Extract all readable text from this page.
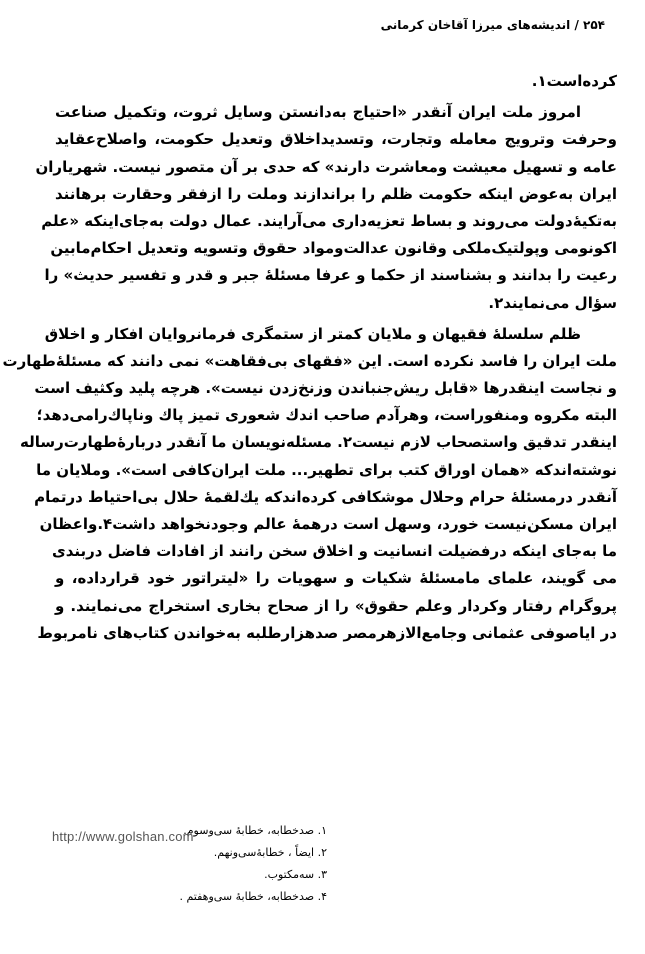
۲۵۴ / اندیشه‌های میرزا آقاخان کرمانی
کرده‌است۱.
امروز ملت ایران آنقدر «احتیاج به‌دانستن وسایل ثروت، وتکمیل صناعت
وحرفت وترویج معامله وتجارت، وتسدیداخلاق وتعدیل حکومت، واصلاح‌عقاید
عامه و تسهیل معیشت ومعاشرت دارند» که حدی بر آن متصور نیست. شهریاران
ایران به‌عوض اینکه حکومت ظلم را براندازند وملت را ازفقر وحقارت برهانند
به‌تکیهٔ‌دولت می‌روند و بساط تعزیه‌داری می‌آرایند. عمال دولت به‌جای‌اینکه «علم
اکونومی وپولتیک‌ملکی وقانون عدالت‌ومواد حقوق وتسویه وتعدیل احکام‌مابین
رعیت را بدانند و بشناسند از حکما و عرفا مسئلهٔ جبر و قدر و تفسیر حدیث» را
سؤال می‌نمایند۲.
ظلم سلسلهٔ فقیهان و ملایان کمتر از ستمگری فرمانروایان افکار و اخلاق
ملت ایران را فاسد نکرده است. این «فقهای بی‌فقاهت» نمی دانند که مسئلهٔ‌طهارت
و نجاست اینقدرها «قابل ریش‌جنباندن وزنخ‌زدن نیست». هرچه پلید وکثیف است
البته مکروه ومنفوراست، وهرآدم صاحب اندك شعوری تمیز پاك وناپاك‌رامی‌دهد؛
اینقدر تدقیق واستصحاب لازم نیست۲. مسئله‌نویسان ما آنقدر دربارهٔ‌طهارت‌رساله
نوشته‌اندکه «همان اوراق کتب برای تطهیر... ملت ایران‌کافی است». وملایان ما
آنقدر درمسئلهٔ حرام وحلال موشکافی کرده‌اندکه یك‌لقمهٔ حلال بی‌احتیاط درتمام
ایران مسکن‌نیست خورد، وسهل است درهمهٔ عالم وجودنخواهد داشت۴.واعظان
ما به‌جای اینکه درفضیلت انسانیت و اخلاق سخن رانند از افادات فاضل دربندی
می گویند، علمای مامسئلهٔ شکیات و سهویات را «لیتراتور خود قرارداده، و
پروگرام رفتار وکردار وعلم حقوق» را از صحاح بخاری استخراج می‌نمایند. و
در اياصوفی عثمانی وجامع‌الازهرمصر صدهزارطلبه به‌خواندن کتاب‌های نامربوط
۱. صدخطابه، خطابهٔ سی‌وسوم.
۲. ایضاً ، خطابهٔ‌سی‌ونهم.
۳. سه‌مکتوب.
۴. صدخطابه، خطابهٔ سی‌وهفتم .
http://www.golshan.com
